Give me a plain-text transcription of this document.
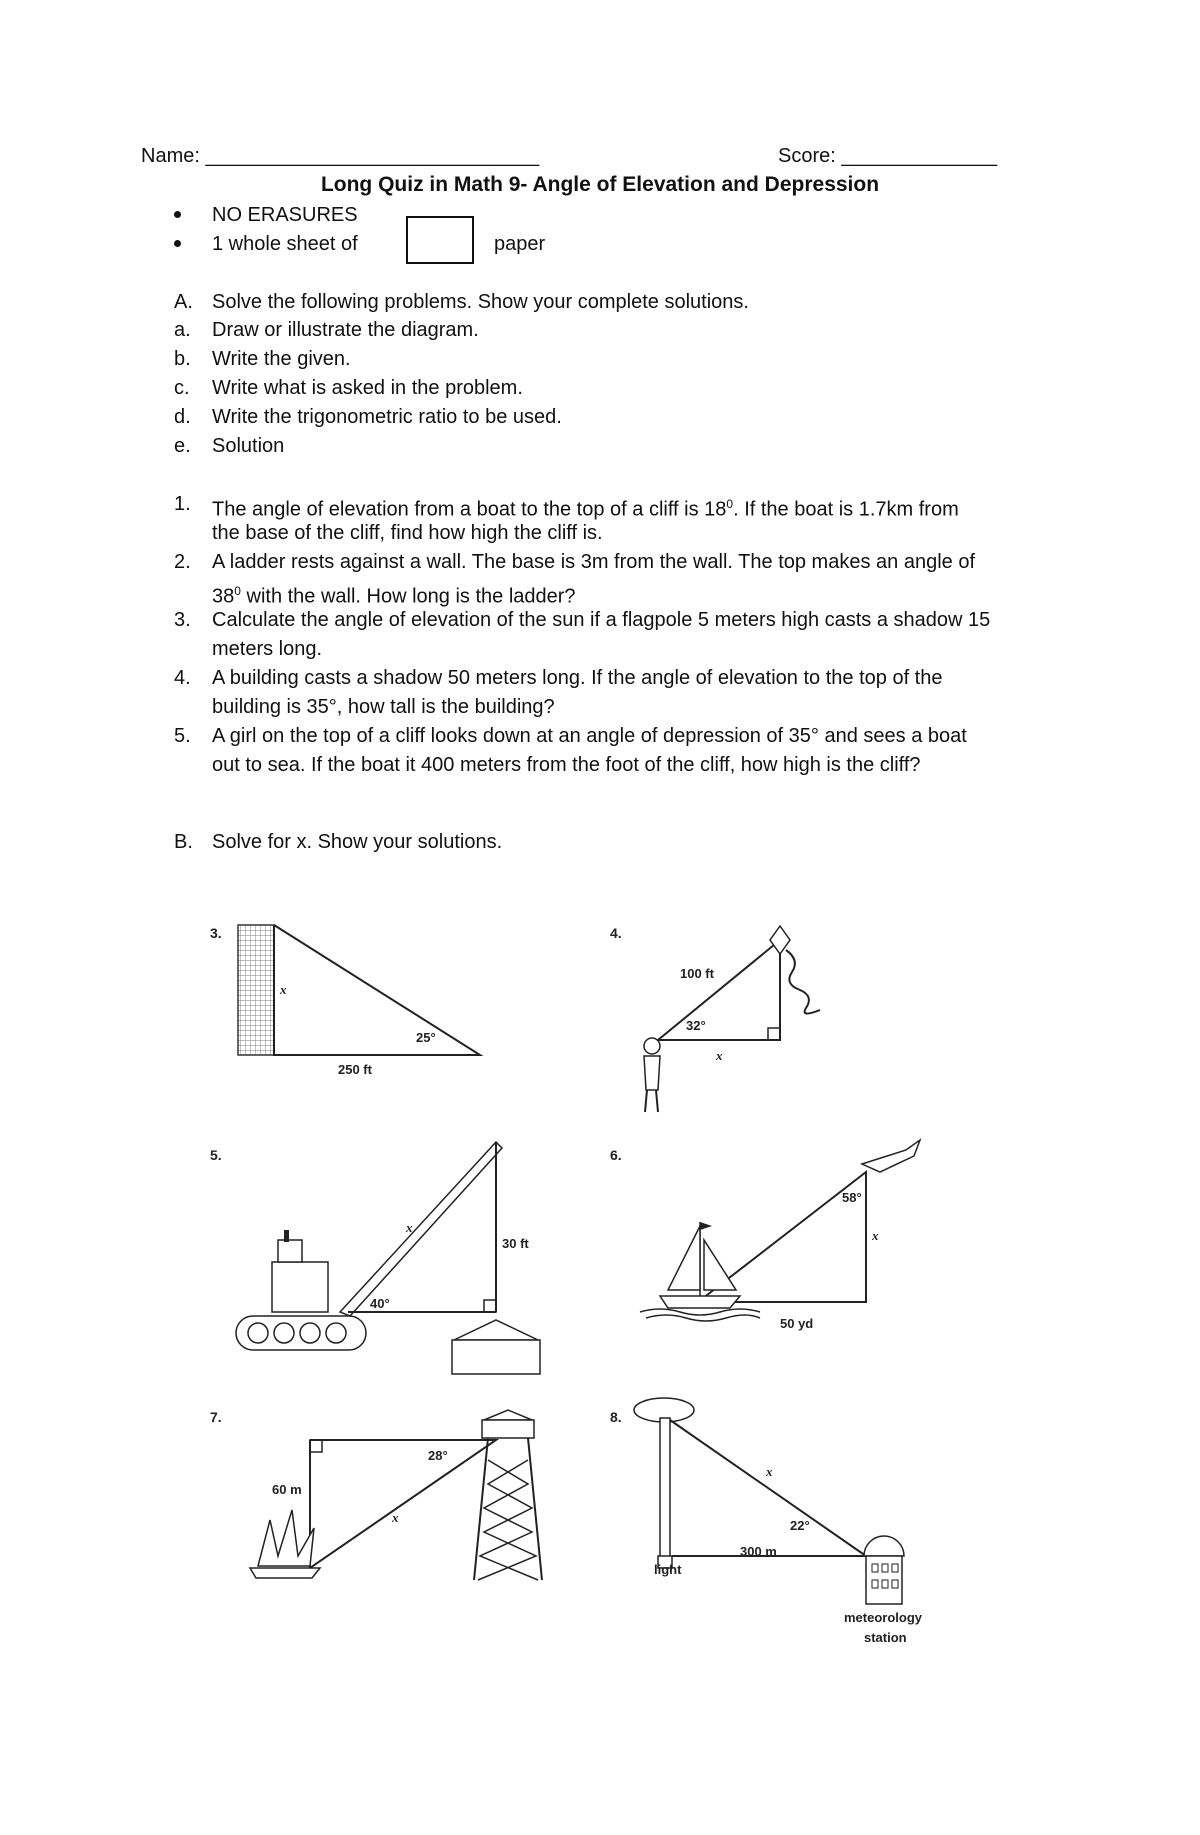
Name: ______________________________	Score: ______________
Long Quiz in Math 9- Angle of Elevation and Depression
NO ERASURES
1 whole sheet of	paper
A. Solve the following problems. Show your complete solutions.
a. Draw or illustrate the diagram.
b. Write the given.
c. Write what is asked in the problem.
d. Write the trigonometric ratio to be used.
e. Solution
1. The angle of elevation from a boat to the top of a cliff is $18^0$. If the boat is 1.7km from
the base of the cliff, find how high the cliff is.
2. A ladder rests against a wall. The base is 3m from the wall. The top makes an angle of
$38^0$ with the wall. How long is the ladder?
3. Calculate the angle of elevation of the sun if a flagpole 5 meters high casts a shadow 15
meters long.
4. A building casts a shadow 50 meters long. If the angle of elevation to the top of the
building is 35°, how tall is the building?
5. A girl on the top of a cliff looks down at an angle of depression of 35° and sees a boat
out to sea. If the boat it 400 meters from the foot of the cliff, how high is the cliff?
B. Solve for x. Show your solutions.
3.
x
250 ft
25°
4.
100 ft
32°
x
5.
x
30 ft
40°
6.
58°
x
50 yd
7.
60 m
28°
x
8.
x
22°
300 m
light
meteorology
station
